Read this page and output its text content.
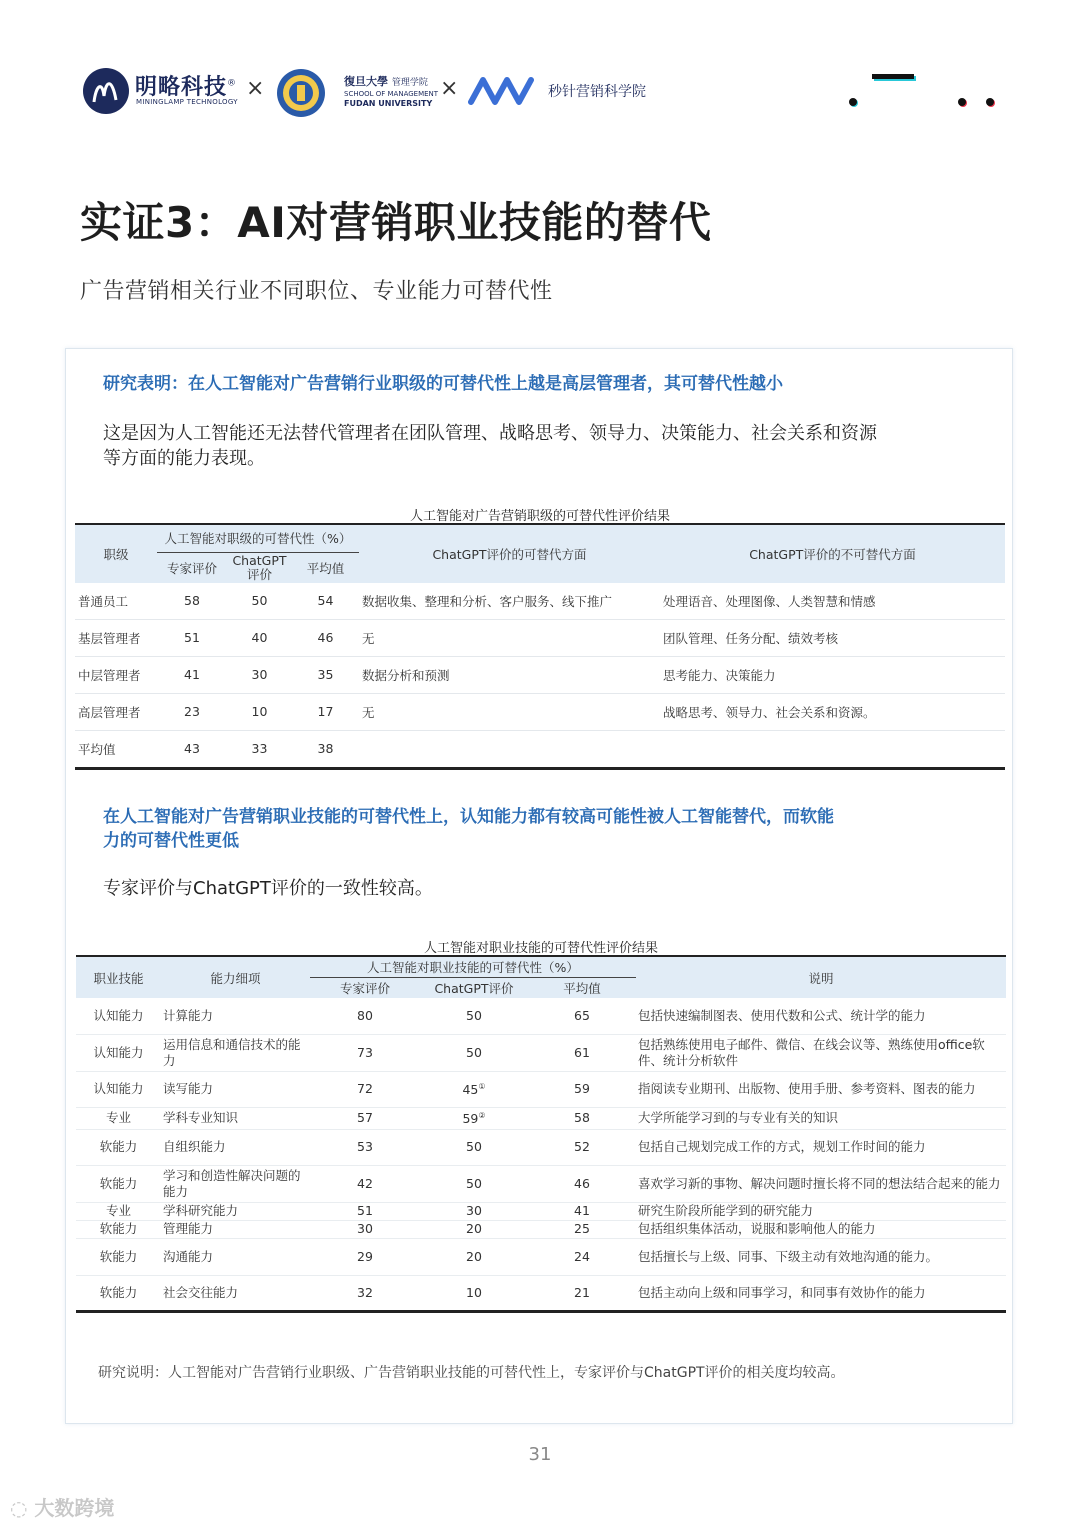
明略科技®
MININGLAMP TECHNOLOGY
×	復旦大學 管理学院
SCHOOL OF MANAGEMENT
FUDAN UNIVERSITY
×	秒针营销科学院
实证3：AI对营销职业技能的替代
广告营销相关行业不同职位、专业能力可替代性
研究表明：在人工智能对广告营销行业职级的可替代性上越是高层管理者，其可替代性越小
这是因为人工智能还无法替代管理者在团队管理、战略思考、领导力、决策能力、社会关系和资源
等方面的能力表现。
人工智能对广告营销职级的可替代性评价结果
职级	人工智能对职级的可替代性（%）			ChatGPT评价的可替代方面	ChatGPT评价的不可替代方面
	专家评价	ChatGPT
评价	平均值		
普通员工	58	50	54	数据收集、整理和分析、客户服务、线下推广	处理语音、处理图像、人类智慧和情感
基层管理者	51	40	46	无	团队管理、任务分配、绩效考核
中层管理者	41	30	35	数据分析和预测	思考能力、决策能力
高层管理者	23	10	17	无	战略思考、领导力、社会关系和资源。
平均值	43	33	38		
在人工智能对广告营销职业技能的可替代性上，认知能力都有较高可能性被人工智能替代，而软能
力的可替代性更低
专家评价与ChatGPT评价的一致性较高。
人工智能对职业技能的可替代性评价结果
职业技能	能力细项	人工智能对职业技能的可替代性（%）			说明
		专家评价	ChatGPT评价	平均值	
认知能力	计算能力	80	50	65	包括快速编制图表、使用代数和公式、统计学的能力
认知能力	运用信息和通信技术的能力	73	50	61	包括熟练使用电子邮件、微信、在线会议等、熟练使用office软件、统计分析软件
认知能力	读写能力	72	45①	59	指阅读专业期刊、出版物、使用手册、参考资料、图表的能力
专业	学科专业知识	57	59②	58	大学所能学习到的与专业有关的知识
软能力	自组织能力	53	50	52	包括自己规划完成工作的方式，规划工作时间的能力
软能力	学习和创造性解决问题的能力	42	50	46	喜欢学习新的事物、解决问题时擅长将不同的想法结合起来的能力
专业	学科研究能力	51	30	41	研究生阶段所能学到的研究能力
软能力	管理能力	30	20	25	包括组织集体活动，说服和影响他人的能力
软能力	沟通能力	29	20	24	包括擅长与上级、同事、下级主动有效地沟通的能力。
软能力	社会交往能力	32	10	21	包括主动向上级和同事学习，和同事有效协作的能力
研究说明：人工智能对广告营销行业职级、广告营销职业技能的可替代性上，专家评价与ChatGPT评价的相关度均较高。
31
◌ 大数跨境
